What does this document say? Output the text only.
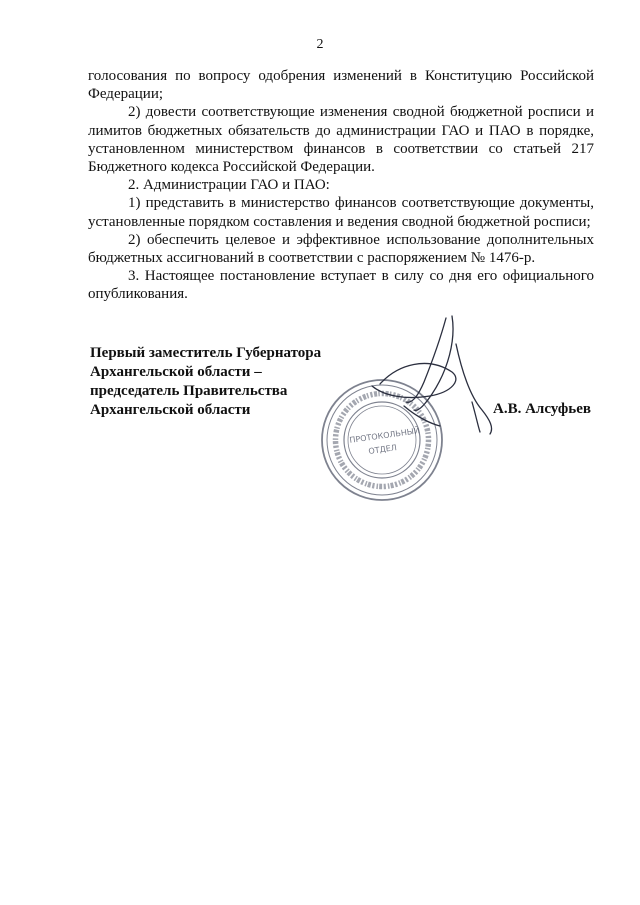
2

голосования по вопросу одобрения изменений в Конституцию Российской Федерации;

2) довести соответствующие изменения сводной бюджетной росписи и лимитов бюджетных обязательств до администрации ГАО и ПАО в порядке, установленном министерством финансов в соответствии со статьей 217 Бюджетного кодекса Российской Федерации.

2. Администрации ГАО и ПАО:

1) представить в министерство финансов соответствующие документы, установленные порядком составления и ведения сводной бюджетной росписи;

2) обеспечить целевое и эффективное использование дополнительных бюджетных ассигнований в соответствии с распоряжением № 1476-р.

3. Настоящее постановление вступает в силу со дня его официального опубликования.

Первый заместитель Губернатора
Архангельской области –
председатель Правительства
Архангельской области	А.В. Алсуфьев
ПРОТОКОЛЬНЫЙ
ОТДЕЛ
